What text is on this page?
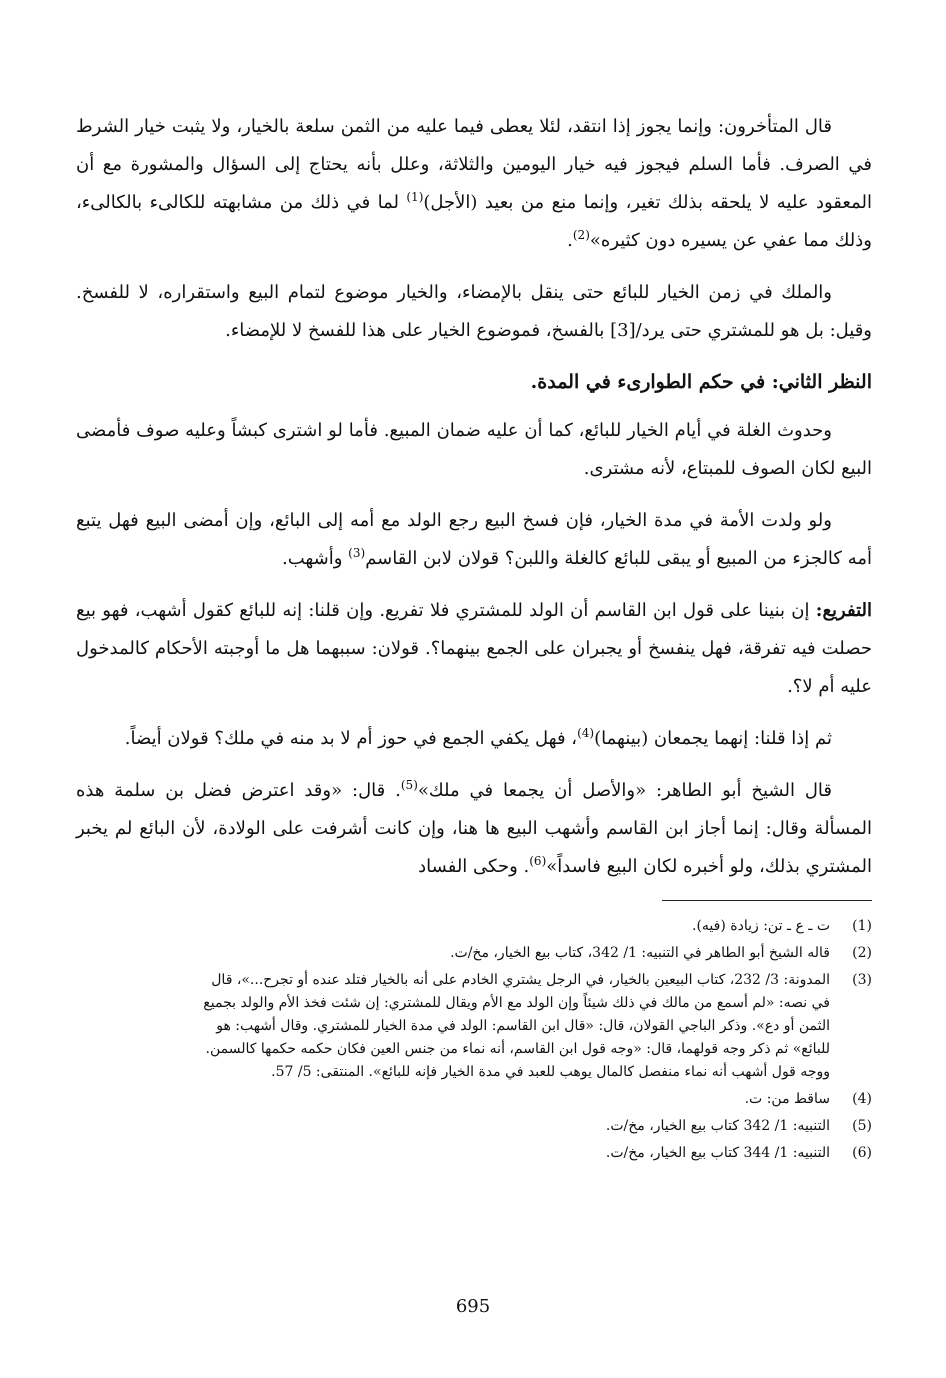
قال المتأخرون: وإنما يجوز إذا انتقد، لئلا يعطى فيما عليه من الثمن سلعة بالخيار، ولا يثبت خيار الشرط في الصرف. فأما السلم فيجوز فيه خيار اليومين والثلاثة، وعلل بأنه يحتاج إلى السؤال والمشورة مع أن المعقود عليه لا يلحقه بذلك تغير، وإنما منع من بعيد (الأجل)$^{(1)}$ لما في ذلك من مشابهته للكالىء بالكالىء، وذلك مما عفي عن يسيره دون كثيره»$^{(2)}$.

والملك في زمن الخيار للبائع حتى ينقل بالإمضاء، والخيار موضوع لتمام البيع واستقراره، لا للفسخ. وقيل: بل هو للمشتري حتى يرد/[3] بالفسخ، فموضوع الخيار على هذا للفسخ لا للإمضاء.

النظر الثاني: في حكم الطوارىء في المدة.

وحدوث الغلة في أيام الخيار للبائع، كما أن عليه ضمان المبيع. فأما لو اشترى كبشاً وعليه صوف فأمضى البيع لكان الصوف للمبتاع، لأنه مشترى.

ولو ولدت الأمة في مدة الخيار، فإن فسخ البيع رجع الولد مع أمه إلى البائع، وإن أمضى البيع فهل يتبع أمه كالجزء من المبيع أو يبقى للبائع كالغلة واللبن؟ قولان لابن القاسم$^{(3)}$ وأشهب.

التفريع: إن بنينا على قول ابن القاسم أن الولد للمشتري فلا تفريع. وإن قلنا: إنه للبائع كقول أشهب، فهو بيع حصلت فيه تفرقة، فهل ينفسخ أو يجبران على الجمع بينهما؟. قولان: سببهما هل ما أوجبته الأحكام كالمدخول عليه أم لا؟.

ثم إذا قلنا: إنهما يجمعان (بينهما)$^{(4)}$، فهل يكفي الجمع في حوز أم لا بد منه في ملك؟ قولان أيضاً.

قال الشيخ أبو الطاهر: «والأصل أن يجمعا في ملك»$^{(5)}$. قال: «وقد اعترض فضل بن سلمة هذه المسألة وقال: إنما أجاز ابن القاسم وأشهب البيع ها هنا، وإن كانت أشرفت على الولادة، لأن البائع لم يخبر المشتري بذلك، ولو أخبره لكان البيع فاسداً»$^{(6)}$. وحكى الفساد

(1)
ت ـ ع ـ تن: زيادة (فيه).
(2)
قاله الشيخ أبو الطاهر في التنبيه: 1/ 342، كتاب بيع الخيار، مخ/ت.
(3)
المدونة: 3/ 232، كتاب البيعين بالخيار، في الرجل يشتري الخادم على أنه بالخيار فتلد عنده أو تجرح...»، قال
في نصه: «لم أسمع من مالك في ذلك شيئاً وإن الولد مع الأم ويقال للمشتري: إن شئت فخذ الأم والولد بجميع
الثمن أو دع». وذكر الباجي القولان، قال: «قال ابن القاسم: الولد في مدة الخيار للمشتري. وقال أشهب: هو
للبائع» ثم ذكر وجه قولهما، قال: «وجه قول ابن القاسم، أنه نماء من جنس العين فكان حكمه حكمها كالسمن.
ووجه قول أشهب أنه نماء منفصل كالمال يوهب للعبد في مدة الخيار فإنه للبائع». المنتقى: 5/ 57.
(4)
ساقط من: ت.
(5)
التنبيه: 1/ 342 كتاب بيع الخيار، مخ/ت.
(6)
التنبيه: 1/ 344 كتاب بيع الخيار، مخ/ت.
695
